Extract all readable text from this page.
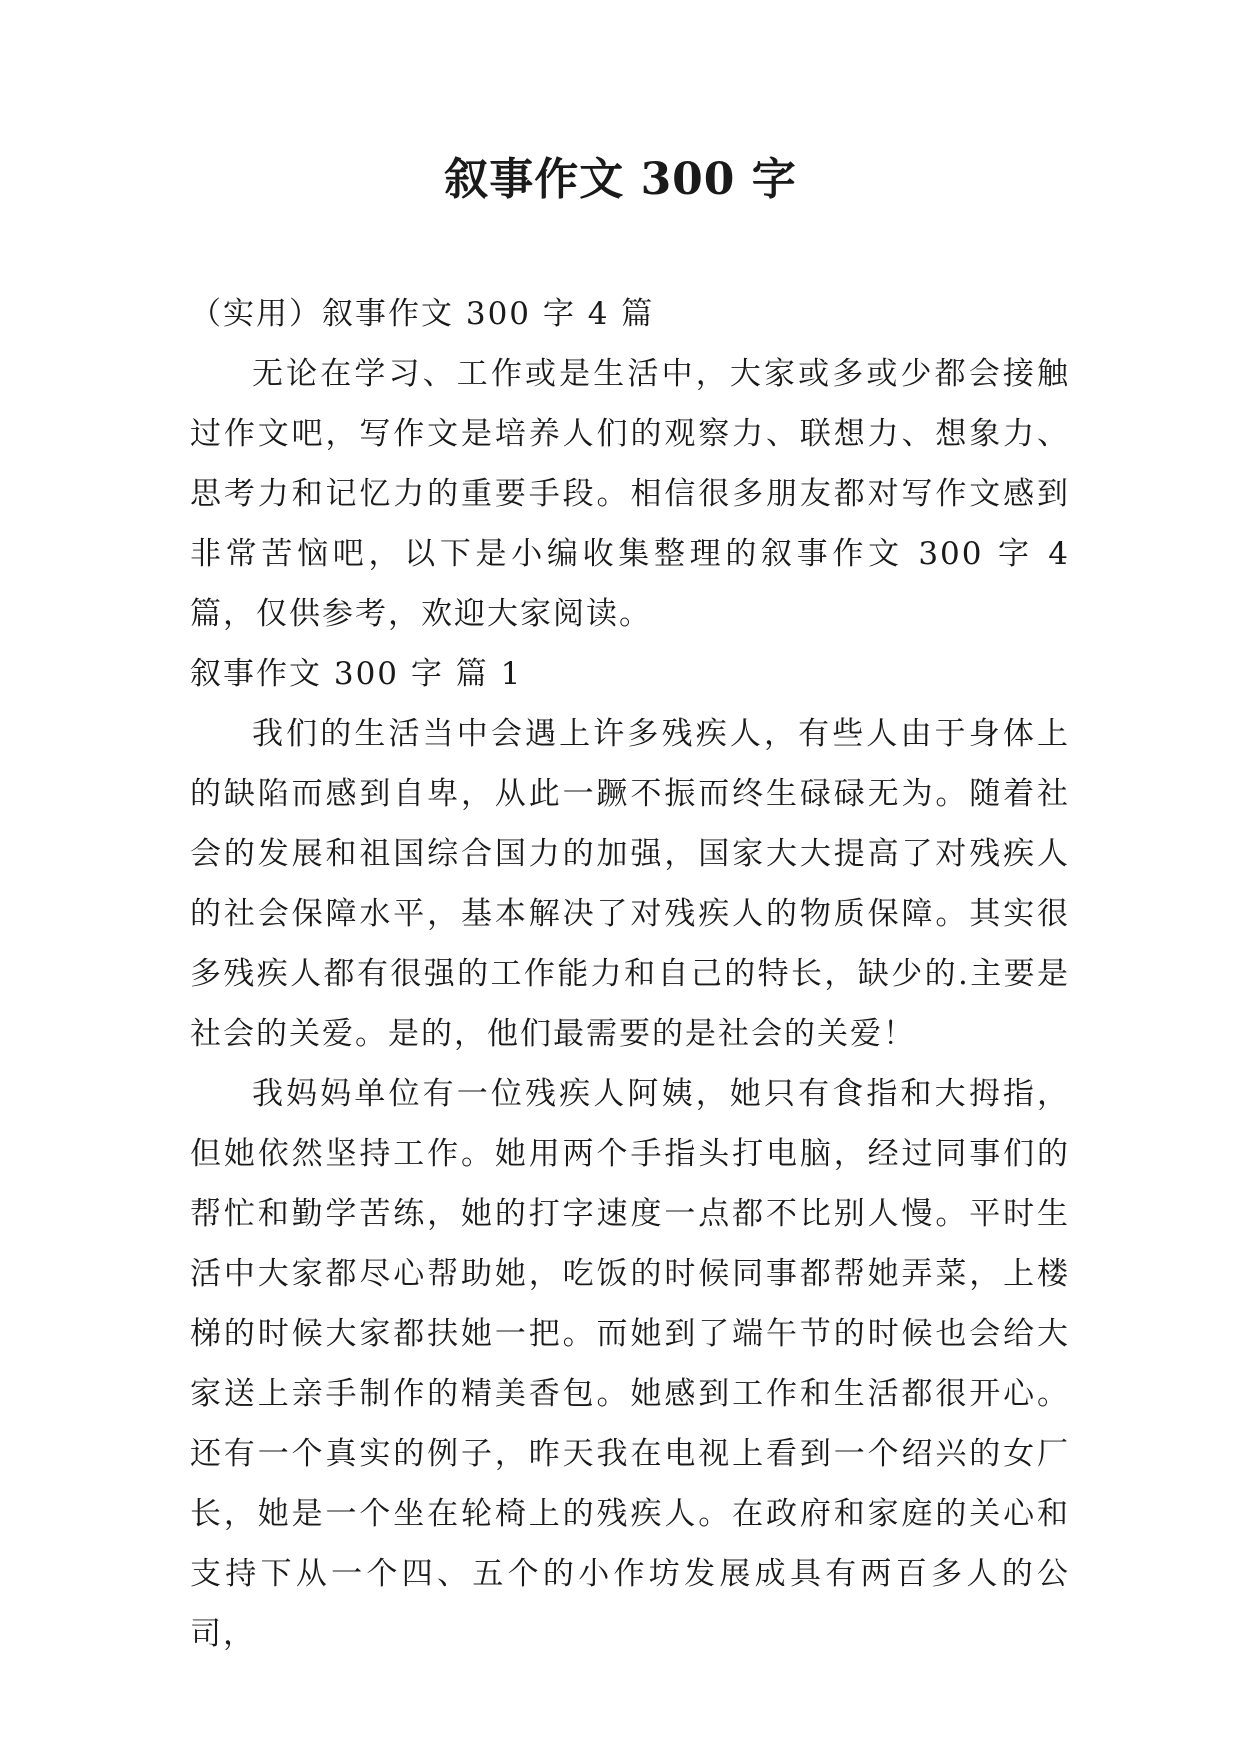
叙事作文 300 字

（实用）叙事作文 300 字 4 篇

无论在学习、工作或是生活中，大家或多或少都会接触过作文吧，写作文是培养人们的观察力、联想力、想象力、思考力和记忆力的重要手段。相信很多朋友都对写作文感到非常苦恼吧，以下是小编收集整理的叙事作文 300 字 4 篇，仅供参考，欢迎大家阅读。

叙事作文 300 字 篇 1

我们的生活当中会遇上许多残疾人，有些人由于身体上的缺陷而感到自卑，从此一蹶不振而终生碌碌无为。随着社会的发展和祖国综合国力的加强，国家大大提高了对残疾人的社会保障水平，基本解决了对残疾人的物质保障。其实很多残疾人都有很强的工作能力和自己的特长，缺少的.主要是社会的关爱。是的，他们最需要的是社会的关爱！

我妈妈单位有一位残疾人阿姨，她只有食指和大拇指，但她依然坚持工作。她用两个手指头打电脑，经过同事们的帮忙和勤学苦练，她的打字速度一点都不比别人慢。平时生活中大家都尽心帮助她，吃饭的时候同事都帮她弄菜，上楼梯的时候大家都扶她一把。而她到了端午节的时候也会给大家送上亲手制作的精美香包。她感到工作和生活都很开心。还有一个真实的例子，昨天我在电视上看到一个绍兴的女厂长，她是一个坐在轮椅上的残疾人。在政府和家庭的关心和支持下从一个四、五个的小作坊发展成具有两百多人的公司，
